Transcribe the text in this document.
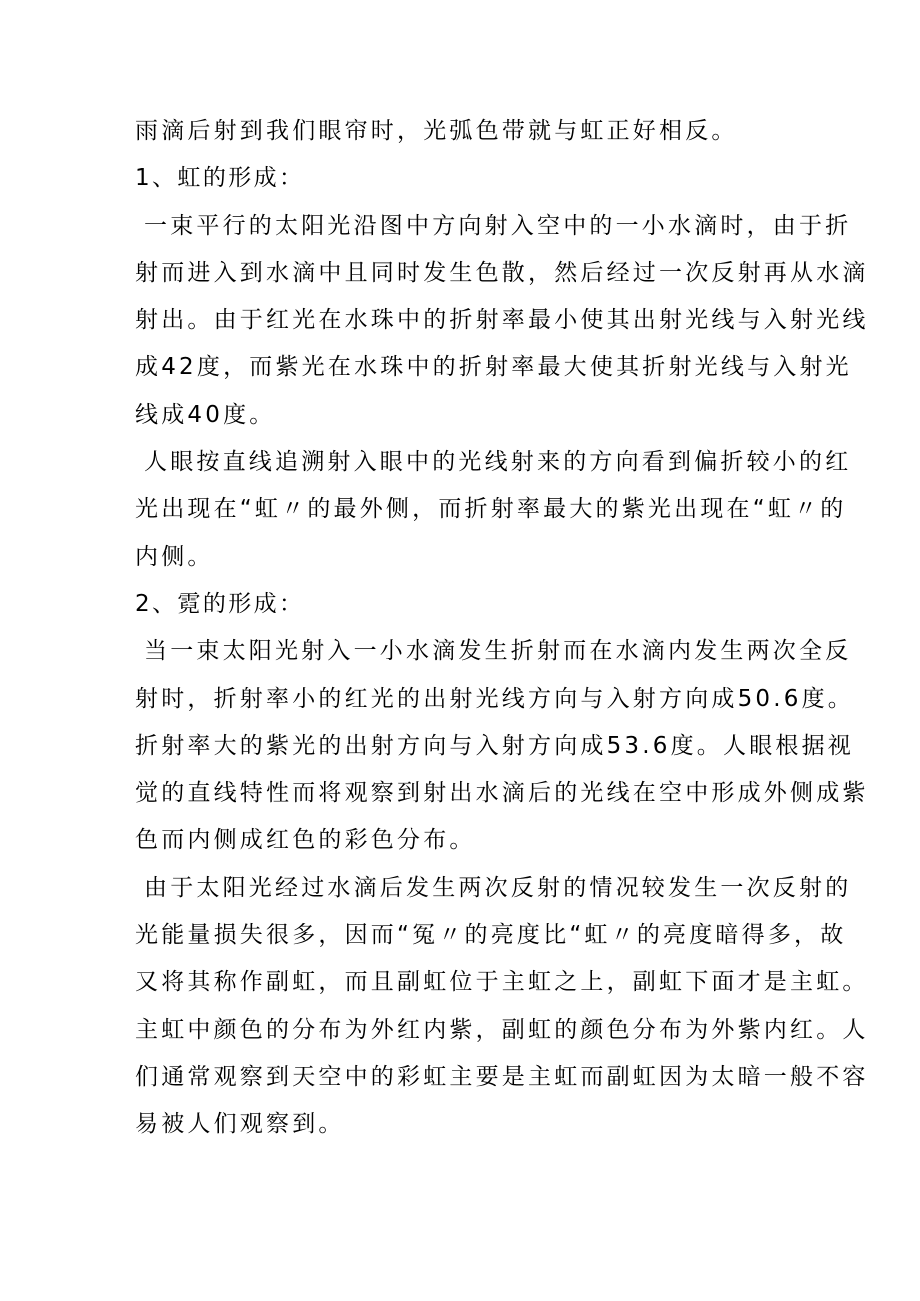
雨滴后射到我们眼帘时，光弧色带就与虹正好相反。
1、虹的形成：
一束平行的太阳光沿图中方向射入空中的一小水滴时，由于折
射而进入到水滴中且同时发生色散，然后经过一次反射再从水滴
射出。由于红光在水珠中的折射率最小使其出射光线与入射光线
成42度，而紫光在水珠中的折射率最大使其折射光线与入射光
线成40度。
人眼按直线追溯射入眼中的光线射来的方向看到偏折较小的红
光出现在“虹〃的最外侧，而折射率最大的紫光出现在“虹〃的
内侧。
2、霓的形成：
当一束太阳光射入一小水滴发生折射而在水滴内发生两次全反
射时，折射率小的红光的出射光线方向与入射方向成50.6度。
折射率大的紫光的出射方向与入射方向成53.6度。人眼根据视
觉的直线特性而将观察到射出水滴后的光线在空中形成外侧成紫
色而内侧成红色的彩色分布。
由于太阳光经过水滴后发生两次反射的情况较发生一次反射的
光能量损失很多，因而“冤〃的亮度比“虹〃的亮度暗得多，故
又将其称作副虹，而且副虹位于主虹之上，副虹下面才是主虹。
主虹中颜色的分布为外红内紫，副虹的颜色分布为外紫内红。人
们通常观察到天空中的彩虹主要是主虹而副虹因为太暗一般不容
易被人们观察到。
